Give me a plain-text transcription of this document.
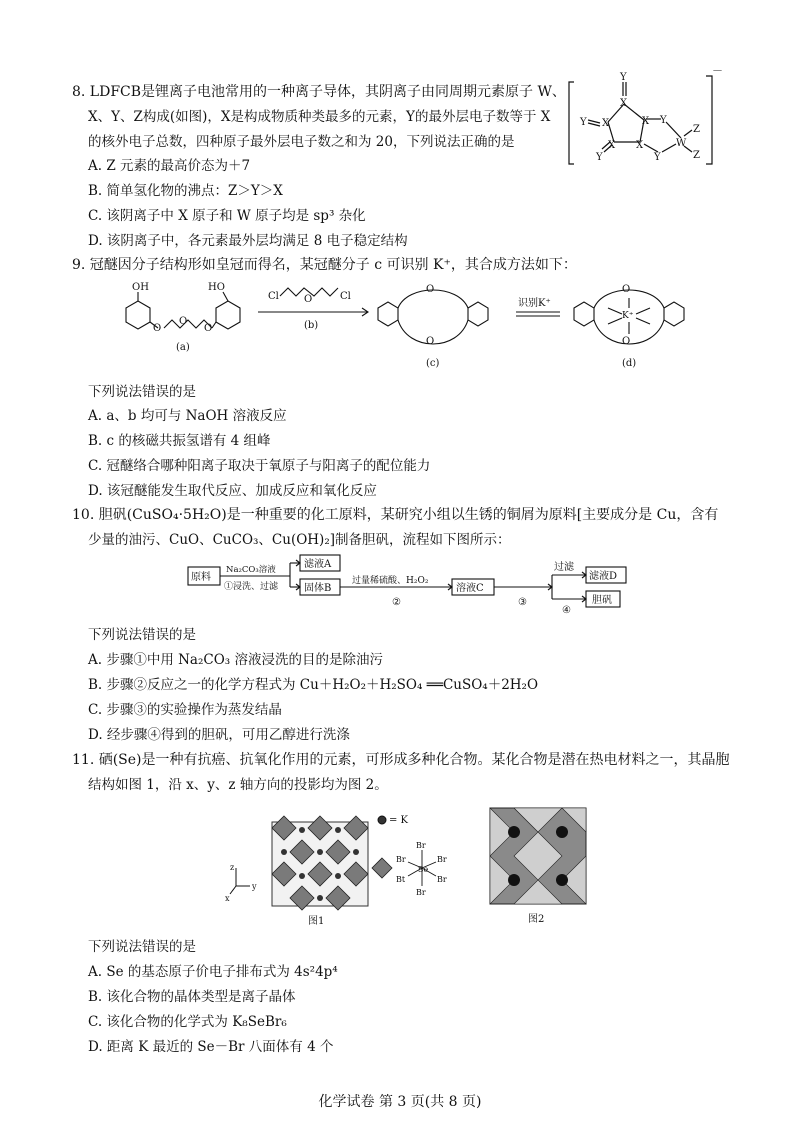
8. LDFCB是锂离子电池常用的一种离子导体，其阴离子由同周期元素原子 W、
X、Y、Z构成(如图)，X是构成物质种类最多的元素，Y的最外层电子数等于 X
的核外电子总数，四种原子最外层电子数之和为 20，下列说法正确的是
A. Z 元素的最高价态为＋7
B. 简单氢化物的沸点：Z＞Y＞X
C. 该阴离子中 X 原子和 W 原子均是 sp³ 杂化
D. 该阴离子中，各元素最外层均满足 8 电子稳定结构
Y
X
Y X	X Y
X X
Y	Y
W
Z
Z
－
9. 冠醚因分子结构形如皇冠而得名，某冠醚分子 c 可识别 K⁺，其合成方法如下：
OH	HO
O
O
O
(a)
Cl	Cl
O
(b)
O
O
(c)
识别K⁺
O
K⁺
O
(d)
下列说法错误的是
A. a、b 均可与 NaOH 溶液反应
B. c 的核磁共振氢谱有 4 组峰
C. 冠醚络合哪种阳离子取决于氧原子与阳离子的配位能力
D. 该冠醚能发生取代反应、加成反应和氧化反应
10. 胆矾(CuSO₄·5H₂O)是一种重要的化工原料，某研究小组以生锈的铜屑为原料[主要成分是 Cu，含有
少量的油污、CuO、CuCO₃、Cu(OH)₂]制备胆矾，流程如下图所示：
原料
Na₂CO₃溶液
①浸洗、过滤
滤液A
固体B
过量稀硫酸、H₂O₂
②
溶液C
③
过滤
④
滤液D
胆矾
下列说法错误的是
A. 步骤①中用 Na₂CO₃ 溶液浸洗的目的是除油污
B. 步骤②反应之一的化学方程式为 Cu＋H₂O₂＋H₂SO₄ ══CuSO₄＋2H₂O
C. 步骤③的实验操作为蒸发结晶
D. 经步骤④得到的胆矾，可用乙醇进行洗涤
11. 硒(Se)是一种有抗癌、抗氧化作用的元素，可形成多种化合物。某化合物是潜在热电材料之一，其晶胞
结构如图 1，沿 x、y、z 轴方向的投影均为图 2。
z
y
x
= K
Br
Br
Br	Br
Bt	Br
Se
图1	图2
下列说法错误的是
A. Se 的基态原子价电子排布式为 4s²4p⁴
B. 该化合物的晶体类型是离子晶体
C. 该化合物的化学式为 K₈SeBr₆
D. 距离 K 最近的 Se－Br 八面体有 4 个
化学试卷 第 3 页(共 8 页)
